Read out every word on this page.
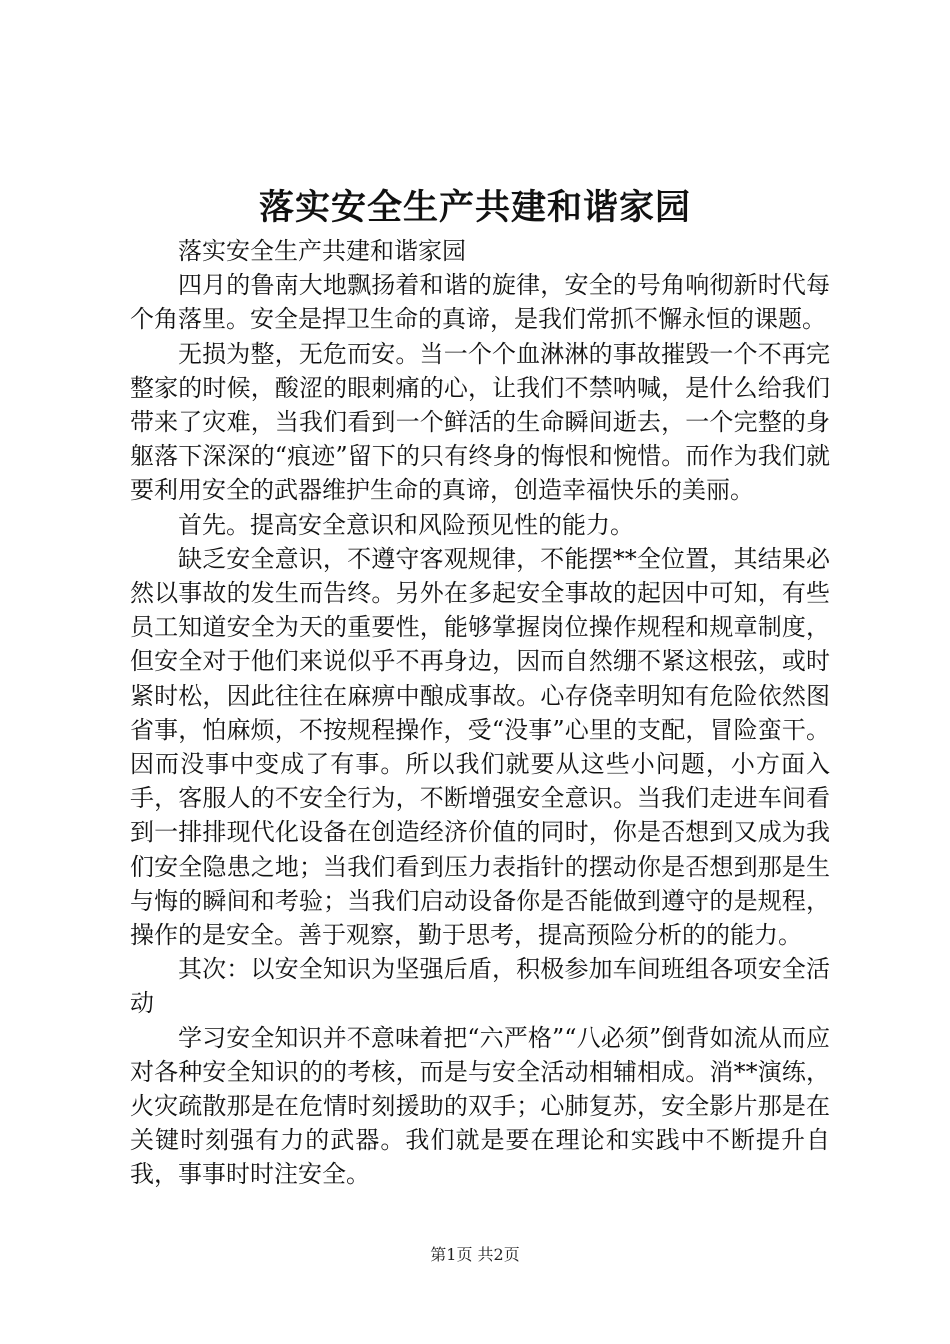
落实安全生产共建和谐家园

落实安全生产共建和谐家园

四月的鲁南大地飘扬着和谐的旋律，安全的号角响彻新时代每个角落里。安全是捍卫生命的真谛，是我们常抓不懈永恒的课题。

无损为整，无危而安。当一个个血淋淋的事故摧毁一个不再完整家的时候，酸涩的眼刺痛的心，让我们不禁呐喊，是什么给我们带来了灾难，当我们看到一个鲜活的生命瞬间逝去，一个完整的身躯落下深深的“痕迹”留下的只有终身的悔恨和惋惜。而作为我们就要利用安全的武器维护生命的真谛，创造幸福快乐的美丽。

首先。提高安全意识和风险预见性的能力。

缺乏安全意识，不遵守客观规律，不能摆**全位置，其结果必然以事故的发生而告终。另外在多起安全事故的起因中可知，有些员工知道安全为天的重要性，能够掌握岗位操作规程和规章制度，但安全对于他们来说似乎不再身边，因而自然绷不紧这根弦，或时紧时松，因此往往在麻痹中酿成事故。心存侥幸明知有危险依然图省事，怕麻烦，不按规程操作，受“没事”心里的支配，冒险蛮干。因而没事中变成了有事。所以我们就要从这些小问题，小方面入手，客服人的不安全行为，不断增强安全意识。当我们走进车间看到一排排现代化设备在创造经济价值的同时，你是否想到又成为我们安全隐患之地；当我们看到压力表指针的摆动你是否想到那是生与悔的瞬间和考验；当我们启动设备你是否能做到遵守的是规程，操作的是安全。善于观察，勤于思考，提高预险分析的的能力。

其次：以安全知识为坚强后盾，积极参加车间班组各项安全活动

学习安全知识并不意味着把“六严格”“八必须”倒背如流从而应对各种安全知识的的考核，而是与安全活动相辅相成。消**演练，火灾疏散那是在危情时刻援助的双手；心肺复苏，安全影片那是在关键时刻强有力的武器。我们就是要在理论和实践中不断提升自我，事事时时注安全。

第1页 共2页
